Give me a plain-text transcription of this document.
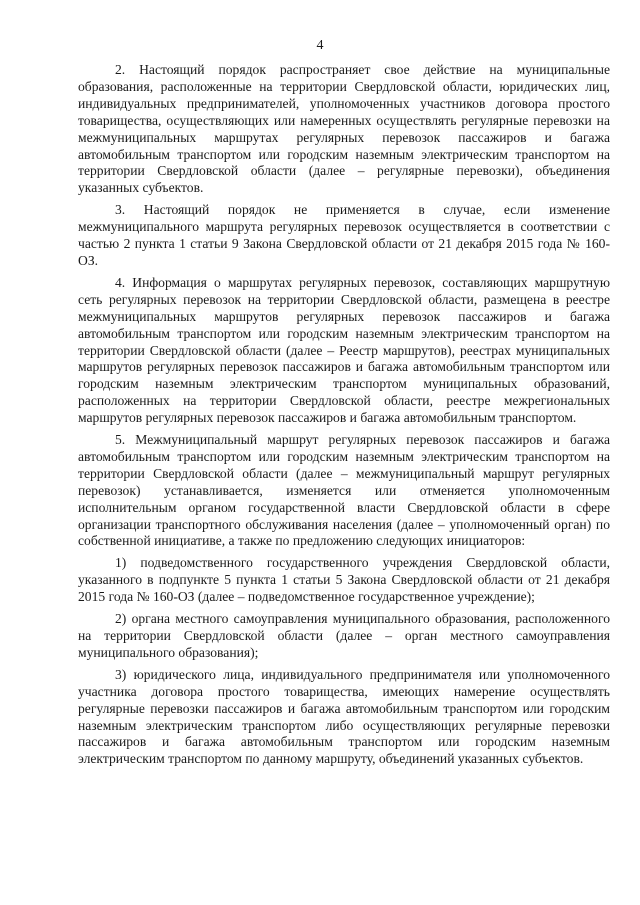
4

2. Настоящий порядок распространяет свое действие на муниципальные образования, расположенные на территории Свердловской области, юридических лиц, индивидуальных предпринимателей, уполномоченных участников договора простого товарищества, осуществляющих или намеренных осуществлять регулярные перевозки на межмуниципальных маршрутах регулярных перевозок пассажиров и багажа автомобильным транспортом или городским наземным электрическим транспортом на территории Свердловской области (далее – регулярные перевозки), объединения указанных субъектов.

3. Настоящий порядок не применяется в случае, если изменение межмуниципального маршрута регулярных перевозок осуществляется в соответствии с частью 2 пункта 1 статьи 9 Закона Свердловской области от 21 декабря 2015 года № 160-ОЗ.

4. Информация о маршрутах регулярных перевозок, составляющих маршрутную сеть регулярных перевозок на территории Свердловской области, размещена в реестре межмуниципальных маршрутов регулярных перевозок пассажиров и багажа автомобильным транспортом или городским наземным электрическим транспортом на территории Свердловской области (далее – Реестр маршрутов), реестрах муниципальных маршрутов регулярных перевозок пассажиров и багажа автомобильным транспортом или городским наземным электрическим транспортом муниципальных образований, расположенных на территории Свердловской области, реестре межрегиональных маршрутов регулярных перевозок пассажиров и багажа автомобильным транспортом.

5. Межмуниципальный маршрут регулярных перевозок пассажиров и багажа автомобильным транспортом или городским наземным электрическим транспортом на территории Свердловской области (далее – межмуниципальный маршрут регулярных перевозок) устанавливается, изменяется или отменяется уполномоченным исполнительным органом государственной власти Свердловской области в сфере организации транспортного обслуживания населения (далее – уполномоченный орган) по собственной инициативе, а также по предложению следующих инициаторов:

1) подведомственного государственного учреждения Свердловской области, указанного в подпункте 5 пункта 1 статьи 5 Закона Свердловской области от 21 декабря 2015 года № 160-ОЗ (далее – подведомственное государственное учреждение);

2) органа местного самоуправления муниципального образования, расположенного на территории Свердловской области (далее – орган местного самоуправления муниципального образования);

3) юридического лица, индивидуального предпринимателя или уполномоченного участника договора простого товарищества, имеющих намерение осуществлять регулярные перевозки пассажиров и багажа автомобильным транспортом или городским наземным электрическим транспортом либо осуществляющих регулярные перевозки пассажиров и багажа автомобильным транспортом или городским наземным электрическим транспортом по данному маршруту, объединений указанных субъектов.
